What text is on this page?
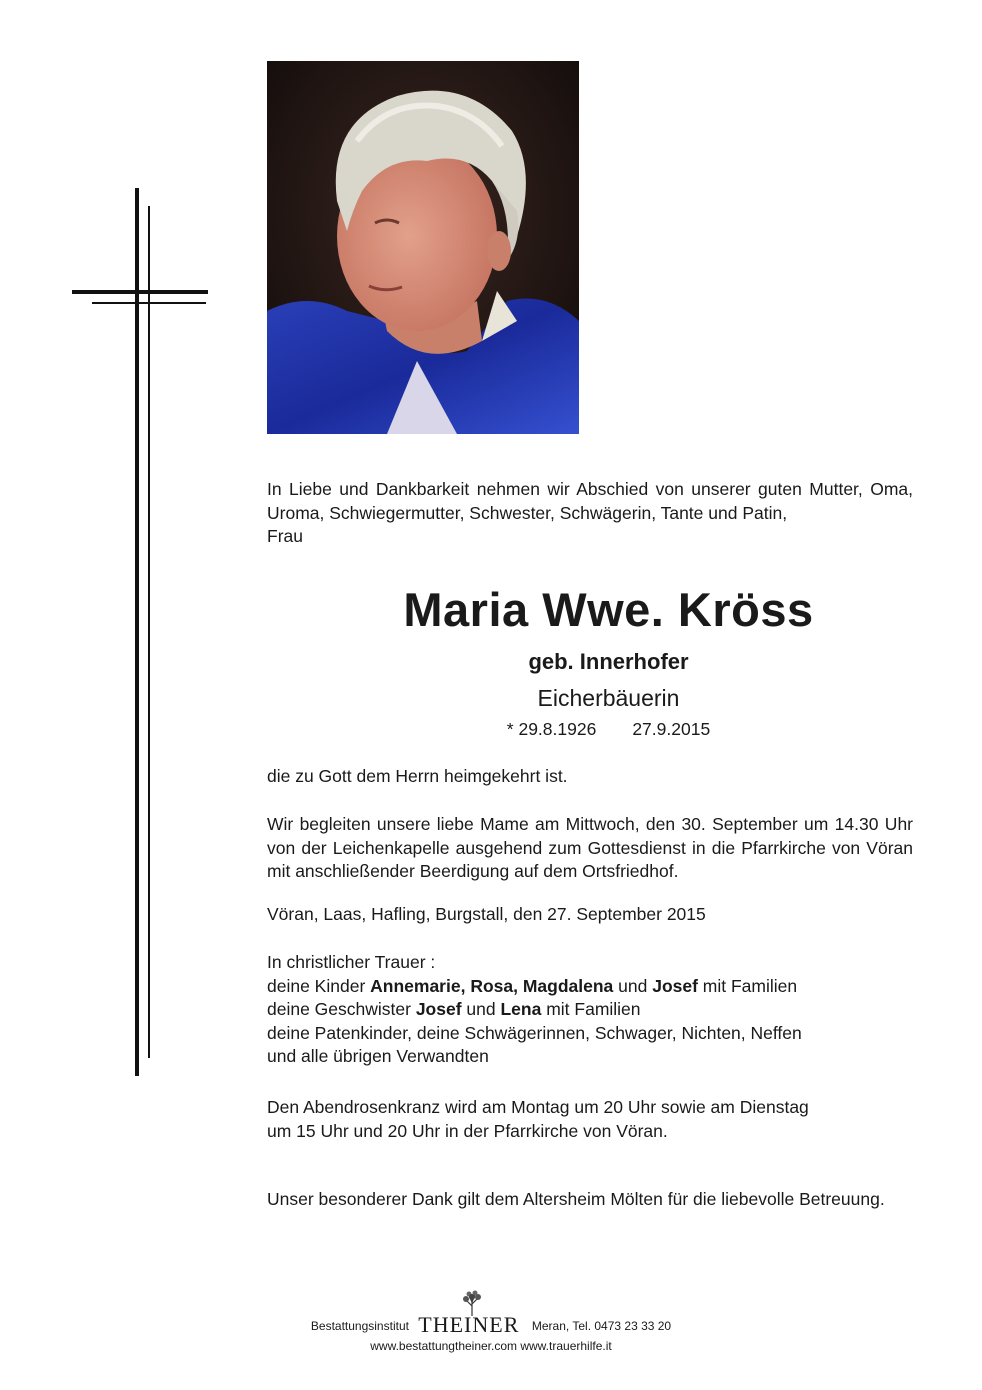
In Liebe und Dankbarkeit nehmen wir Abschied von unserer guten Mutter, Oma, Uroma, Schwiegermutter, Schwester, Schwägerin, Tante und Patin,
Frau
Maria Wwe. Kröss
geb. Innerhofer
Eicherbäuerin
* 29.8.1926 27.9.2015
die zu Gott dem Herrn heimgekehrt ist.
Wir begleiten unsere liebe Mame am Mittwoch, den 30. September um 14.30 Uhr von der Leichenkapelle ausgehend zum Gottesdienst in die Pfarrkirche von Vöran mit anschließender Beerdigung auf dem Ortsfriedhof.
Vöran, Laas, Hafling, Burgstall, den 27. September 2015
In christlicher Trauer :
deine Kinder Annemarie, Rosa, Magdalena und Josef mit Familien
deine Geschwister Josef und Lena mit Familien
deine Patenkinder, deine Schwägerinnen, Schwager, Nichten, Neffen
und alle übrigen Verwandten
Den Abendrosenkranz wird am Montag um 20 Uhr sowie am Dienstag
um 15 Uhr und 20 Uhr in der Pfarrkirche von Vöran.
Unser besonderer Dank gilt dem Altersheim Mölten für die liebevolle Betreuung.
Bestattungsinstitut THEINER Meran, Tel. 0473 23 33 20
www.bestattungtheiner.com www.trauerhilfe.it
